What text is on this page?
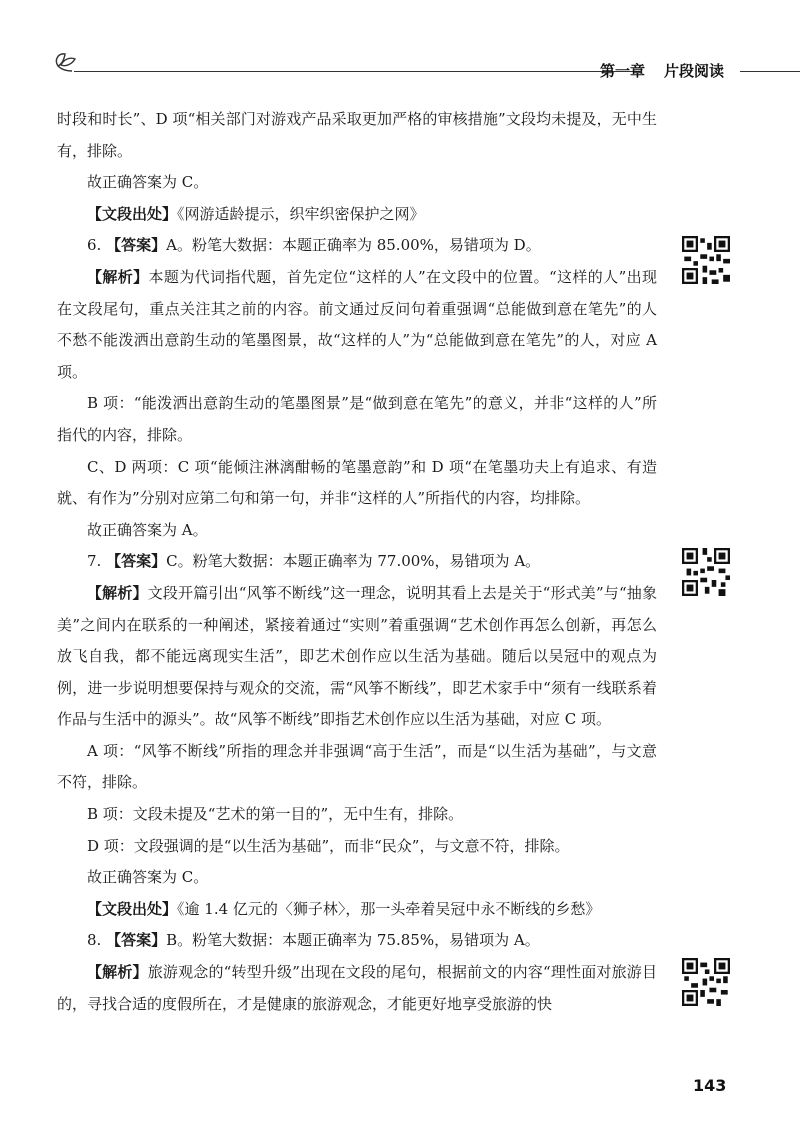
片段阅读
第一章

时段和时长”、D 项“相关部门对游戏产品采取更加严格的审核措施”文段均未提及，无中生有，排除。

故正确答案为 C。

【文段出处】《网游适龄提示，织牢织密保护之网》

6. 【答案】A。粉笔大数据：本题正确率为 85.00%，易错项为 D。

【解析】本题为代词指代题，首先定位“这样的人”在文段中的位置。“这样的人”出现在文段尾句，重点关注其之前的内容。前文通过反问句着重强调“总能做到意在笔先”的人不愁不能泼洒出意韵生动的笔墨图景，故“这样的人”为“总能做到意在笔先”的人，对应 A 项。

B 项：“能泼洒出意韵生动的笔墨图景”是“做到意在笔先”的意义，并非“这样的人”所指代的内容，排除。

C、D 两项：C 项“能倾注淋漓酣畅的笔墨意韵”和 D 项“在笔墨功夫上有追求、有造就、有作为”分别对应第二句和第一句，并非“这样的人”所指代的内容，均排除。

故正确答案为 A。

7. 【答案】C。粉笔大数据：本题正确率为 77.00%，易错项为 A。

【解析】文段开篇引出“风筝不断线”这一理念，说明其看上去是关于“形式美”与“抽象美”之间内在联系的一种阐述，紧接着通过“实则”着重强调“艺术创作再怎么创新，再怎么放飞自我，都不能远离现实生活”，即艺术创作应以生活为基础。随后以吴冠中的观点为例，进一步说明想要保持与观众的交流，需“风筝不断线”，即艺术家手中“须有一线联系着作品与生活中的源头”。故“风筝不断线”即指艺术创作应以生活为基础，对应 C 项。

A 项：“风筝不断线”所指的理念并非强调“高于生活”，而是“以生活为基础”，与文意不符，排除。

B 项：文段未提及“艺术的第一目的”，无中生有，排除。

D 项：文段强调的是“以生活为基础”，而非“民众”，与文意不符，排除。

故正确答案为 C。

【文段出处】《逾 1.4 亿元的〈狮子林〉，那一头牵着吴冠中永不断线的乡愁》

8. 【答案】B。粉笔大数据：本题正确率为 75.85%，易错项为 A。

【解析】旅游观念的“转型升级”出现在文段的尾句，根据前文的内容“理性面对旅游目的，寻找合适的度假所在，才是健康的旅游观念，才能更好地享受旅游的快

143
